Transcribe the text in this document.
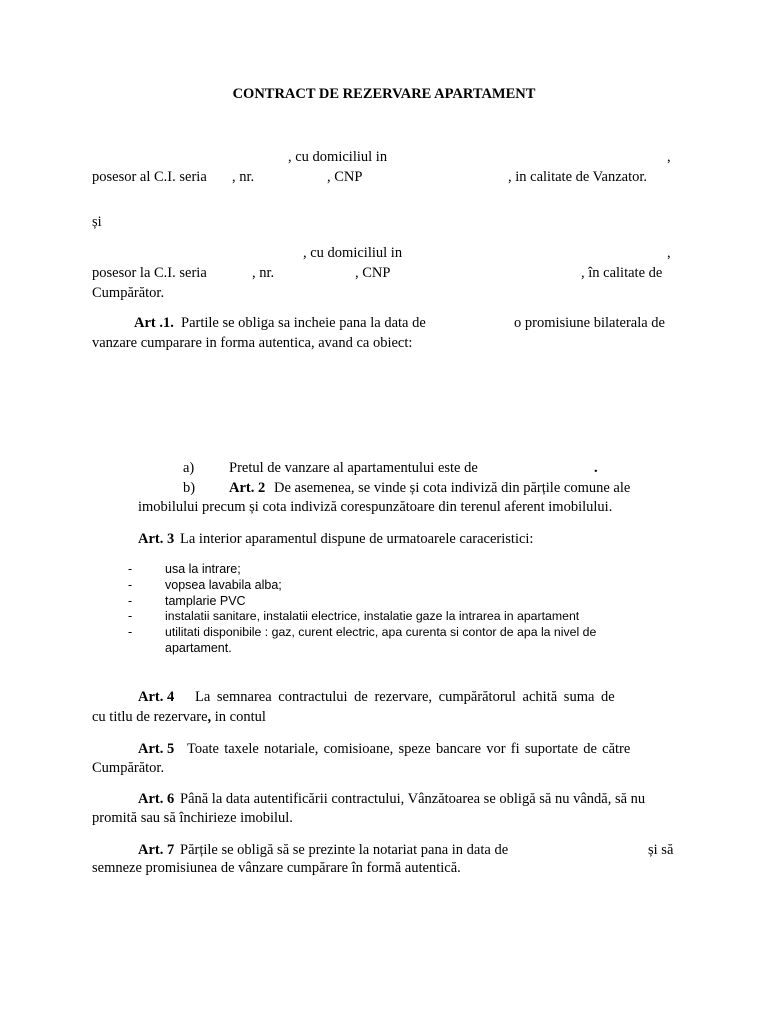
CONTRACT DE REZERVARE APARTAMENT
, cu domiciliul in	,
posesor al C.I. seria , nr.	, CNP	, in calitate de Vanzator.
și
, cu domiciliul in	,
posesor la C.I. seria	, nr.	, CNP	, în calitate de
Cumpărător.
Art .1. Partile se obliga sa incheie pana la data de	o promisiune bilaterala de
vanzare cumparare in forma autentica, avand ca obiect:
a) Pretul de vanzare al apartamentului este de	.
b) Art. 2 De asemenea, se vinde și cota indiviză din părțile comune ale
imobilului precum și cota indiviză corespunzătoare din terenul aferent imobilului.
Art. 3 La interior aparamentul dispune de urmatoarele caraceristici:
-	usa la intrare;
-	vopsea lavabila alba;
-	tamplarie PVC
-	instalatii sanitare, instalatii electrice, instalatie gaze la intrarea in apartament
-	utilitati disponibile : gaz, curent electric, apa curenta si contor de apa la nivel de
apartament.
Art. 4 La semnarea contractului de rezervare, cumpărătorul achită suma de
cu titlu de rezervare, in contul
Art. 5 Toate taxele notariale, comisioane, speze bancare vor fi suportate de către
Cumpărător.
Art. 6 Până la data autentificării contractului, Vânzătoarea se obligă să nu vândă, să nu
promită sau să închirieze imobilul.
Art. 7 Părțile se obligă să se prezinte la notariat pana in data de	și să
semneze promisiunea de vânzare cumpărare în formă autentică.
